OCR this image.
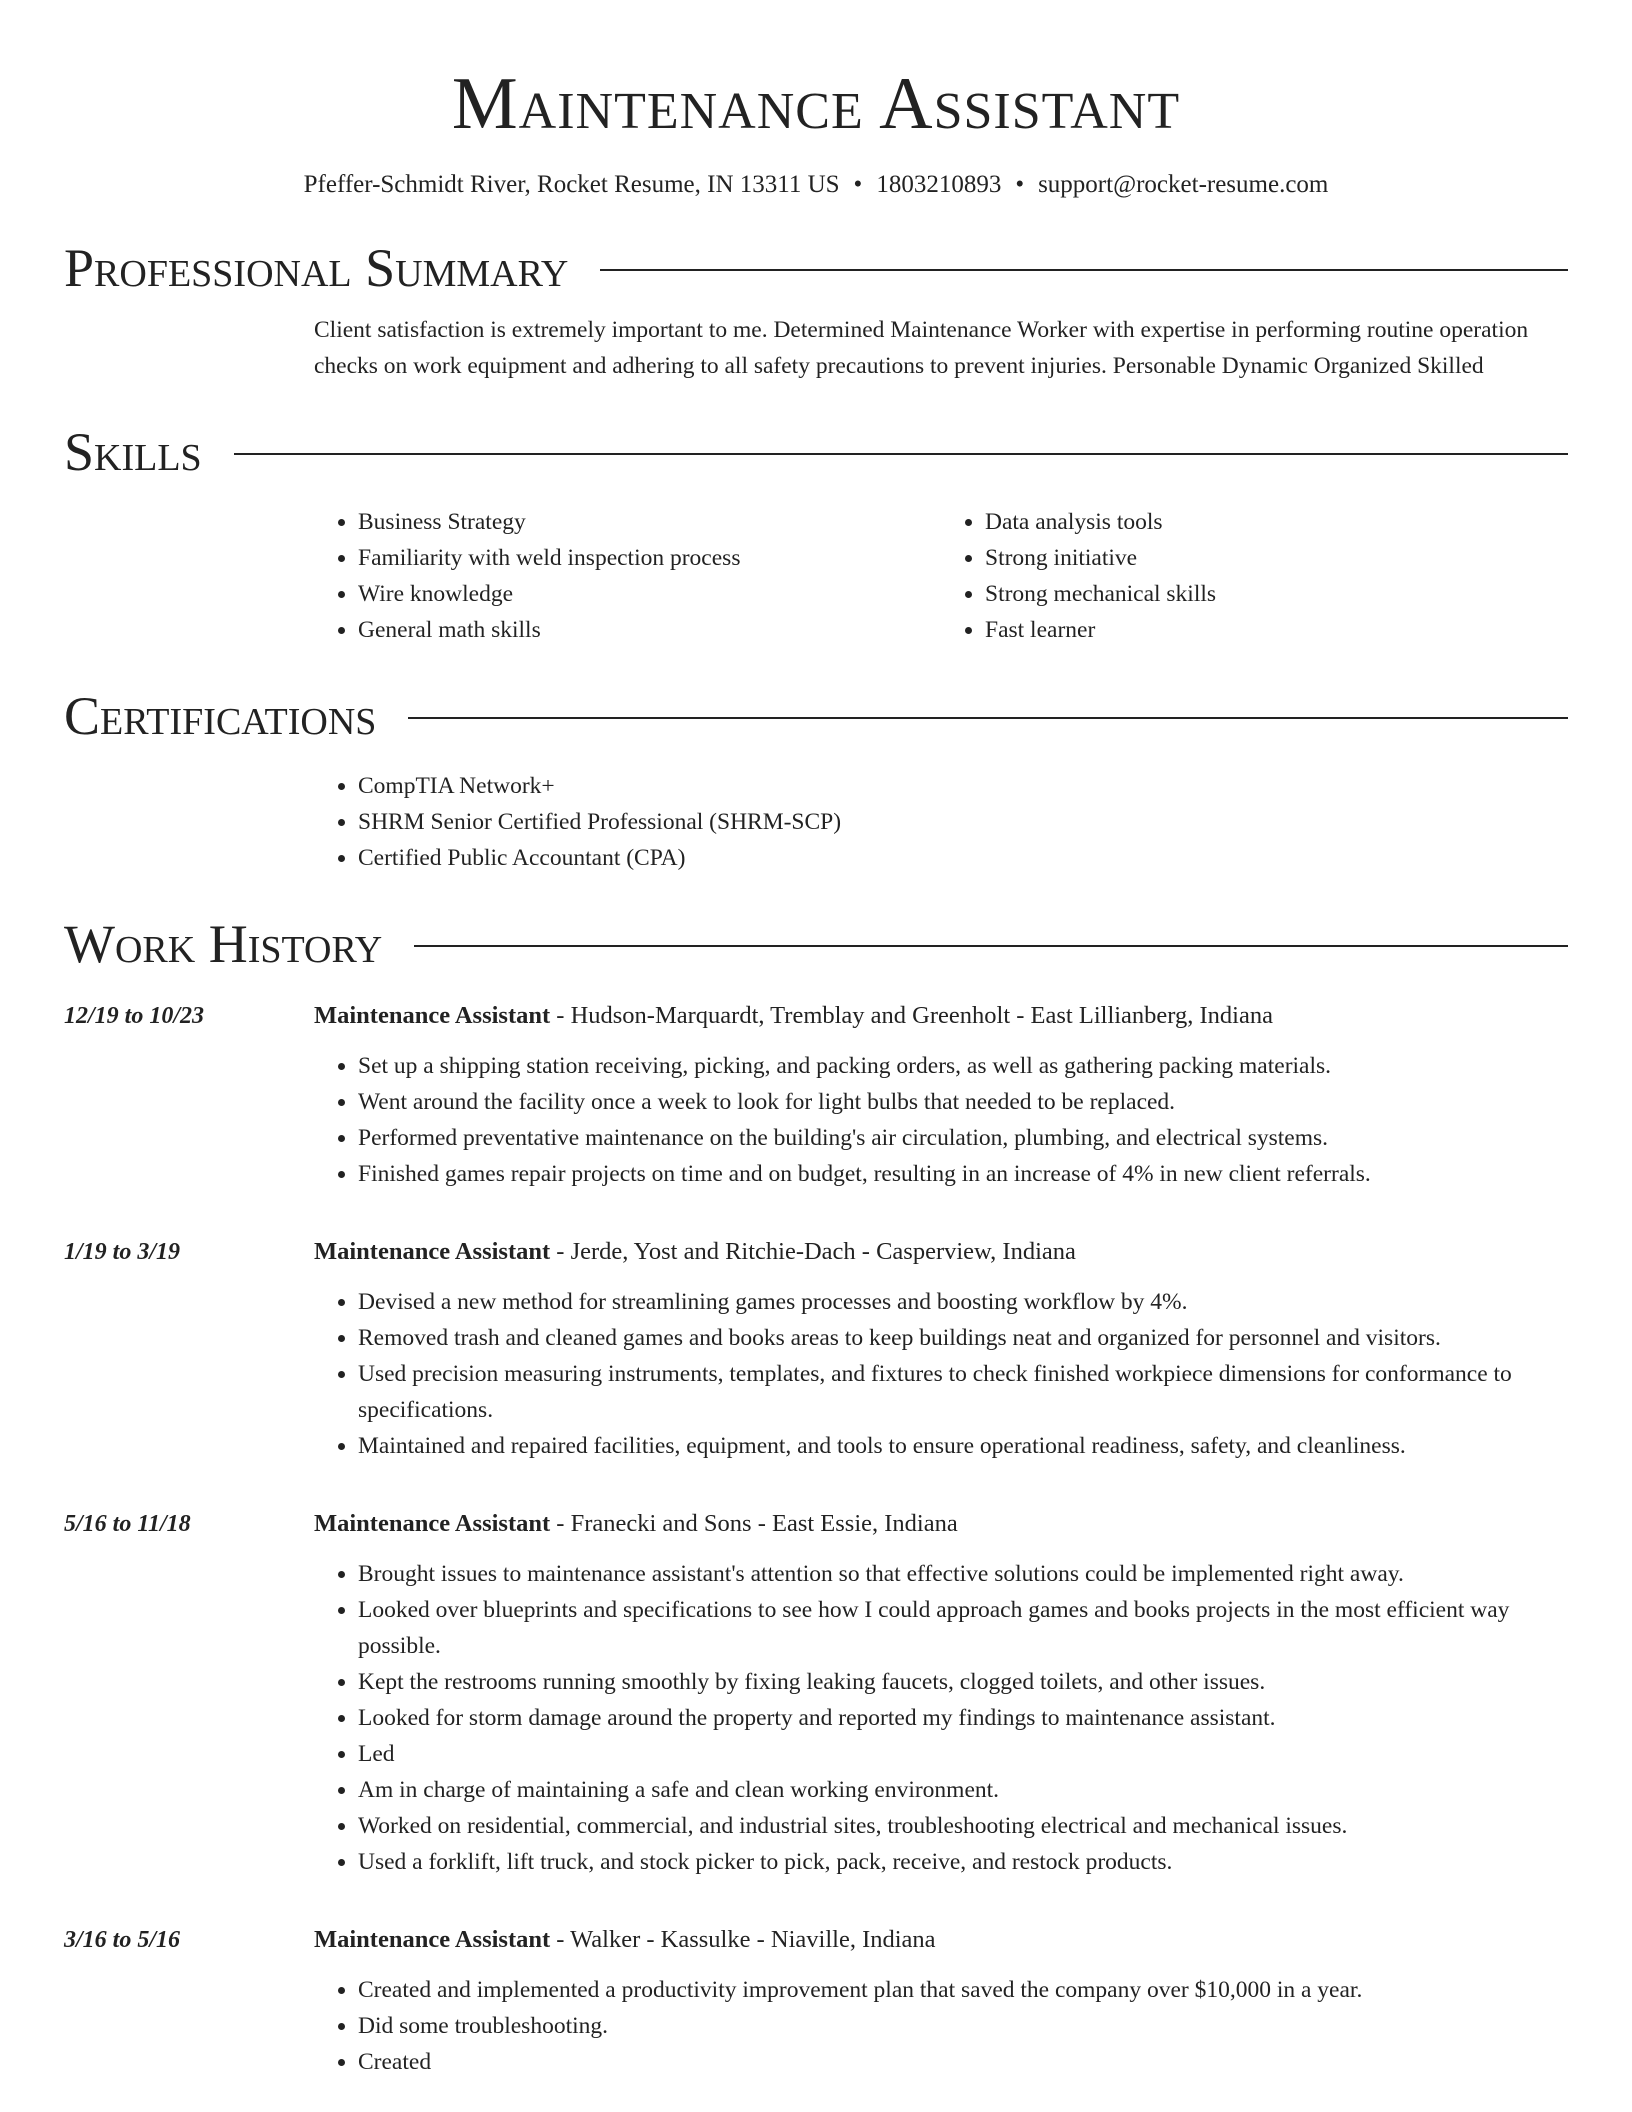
Maintenance Assistant
Pfeffer-Schmidt River, Rocket Resume, IN 13311 US • 1803210893 • support@rocket-resume.com
Professional Summary
Client satisfaction is extremely important to me. Determined Maintenance Worker with expertise in performing routine operation checks on work equipment and adhering to all safety precautions to prevent injuries. Personable Dynamic Organized Skilled
Skills
• Business Strategy
• Familiarity with weld inspection process
• Wire knowledge
• General math skills
• Data analysis tools
• Strong initiative
• Strong mechanical skills
• Fast learner
Certifications
• CompTIA Network+
• SHRM Senior Certified Professional (SHRM-SCP)
• Certified Public Accountant (CPA)
Work History
12/19 to 10/23	Maintenance Assistant - Hudson-Marquardt, Tremblay and Greenholt - East Lillianberg, Indiana
• Set up a shipping station receiving, picking, and packing orders, as well as gathering packing materials.
• Went around the facility once a week to look for light bulbs that needed to be replaced.
• Performed preventative maintenance on the building's air circulation, plumbing, and electrical systems.
• Finished games repair projects on time and on budget, resulting in an increase of 4% in new client referrals.
1/19 to 3/19	Maintenance Assistant - Jerde, Yost and Ritchie-Dach - Casperview, Indiana
• Devised a new method for streamlining games processes and boosting workflow by 4%.
• Removed trash and cleaned games and books areas to keep buildings neat and organized for personnel and visitors.
• Used precision measuring instruments, templates, and fixtures to check finished workpiece dimensions for conformance to specifications.
• Maintained and repaired facilities, equipment, and tools to ensure operational readiness, safety, and cleanliness.
5/16 to 11/18	Maintenance Assistant - Franecki and Sons - East Essie, Indiana
• Brought issues to maintenance assistant's attention so that effective solutions could be implemented right away.
• Looked over blueprints and specifications to see how I could approach games and books projects in the most efficient way possible.
• Kept the restrooms running smoothly by fixing leaking faucets, clogged toilets, and other issues.
• Looked for storm damage around the property and reported my findings to maintenance assistant.
• Led
• Am in charge of maintaining a safe and clean working environment.
• Worked on residential, commercial, and industrial sites, troubleshooting electrical and mechanical issues.
• Used a forklift, lift truck, and stock picker to pick, pack, receive, and restock products.
3/16 to 5/16	Maintenance Assistant - Walker - Kassulke - Niaville, Indiana
• Created and implemented a productivity improvement plan that saved the company over $10,000 in a year.
• Did some troubleshooting.
• Created
